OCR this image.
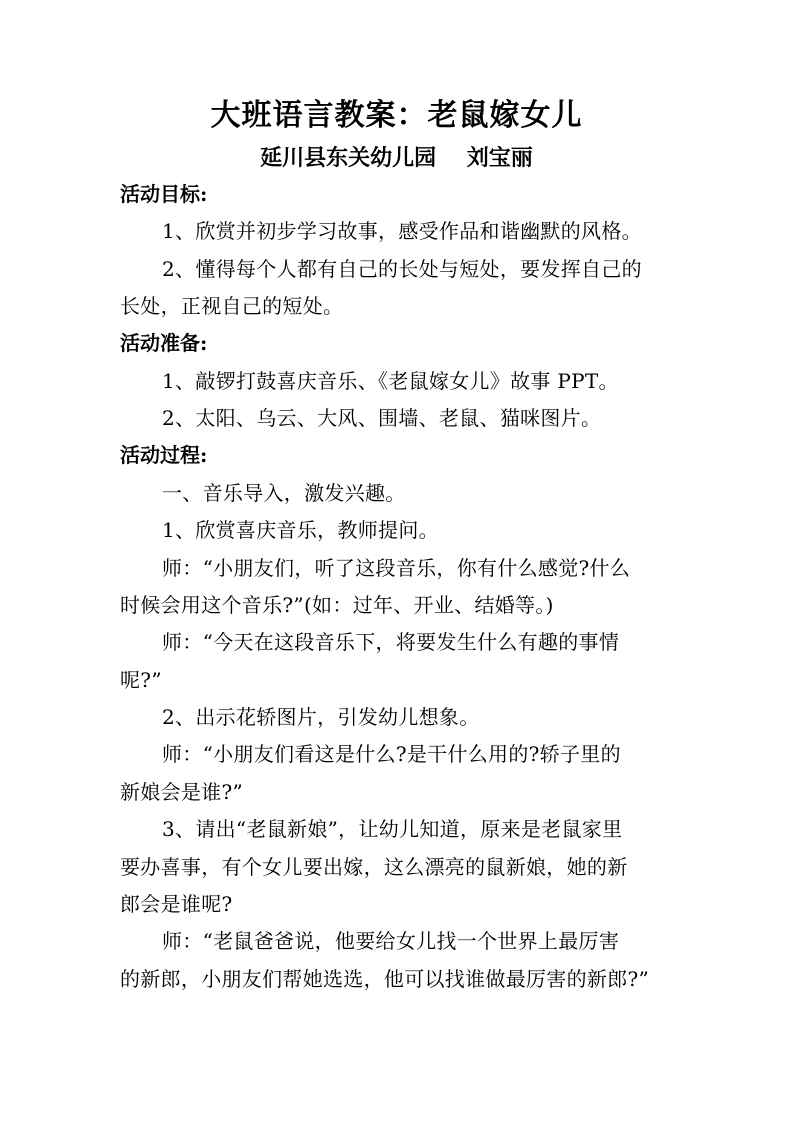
大班语言教案：老鼠嫁女儿

延川县东关幼儿园    刘宝丽

活动目标:

1、欣赏并初步学习故事，感受作品和谐幽默的风格。

2、懂得每个人都有自己的长处与短处，要发挥自己的

长处，正视自己的短处。

活动准备:

1、敲锣打鼓喜庆音乐、《老鼠嫁女儿》故事 PPT。

2、太阳、乌云、大风、围墙、老鼠、猫咪图片。

活动过程:

一、音乐导入，激发兴趣。

1、欣赏喜庆音乐，教师提问。

师：“小朋友们，听了这段音乐，你有什么感觉?什么

时候会用这个音乐?”(如：过年、开业、结婚等。)

师：“今天在这段音乐下，将要发生什么有趣的事情

呢?”

2、出示花轿图片，引发幼儿想象。

师：“小朋友们看这是什么?是干什么用的?轿子里的

新娘会是谁?”

3、请出“老鼠新娘”，让幼儿知道，原来是老鼠家里

要办喜事，有个女儿要出嫁，这么漂亮的鼠新娘，她的新

郎会是谁呢?

师：“老鼠爸爸说，他要给女儿找一个世界上最厉害

的新郎，小朋友们帮她选选，他可以找谁做最厉害的新郎?”
